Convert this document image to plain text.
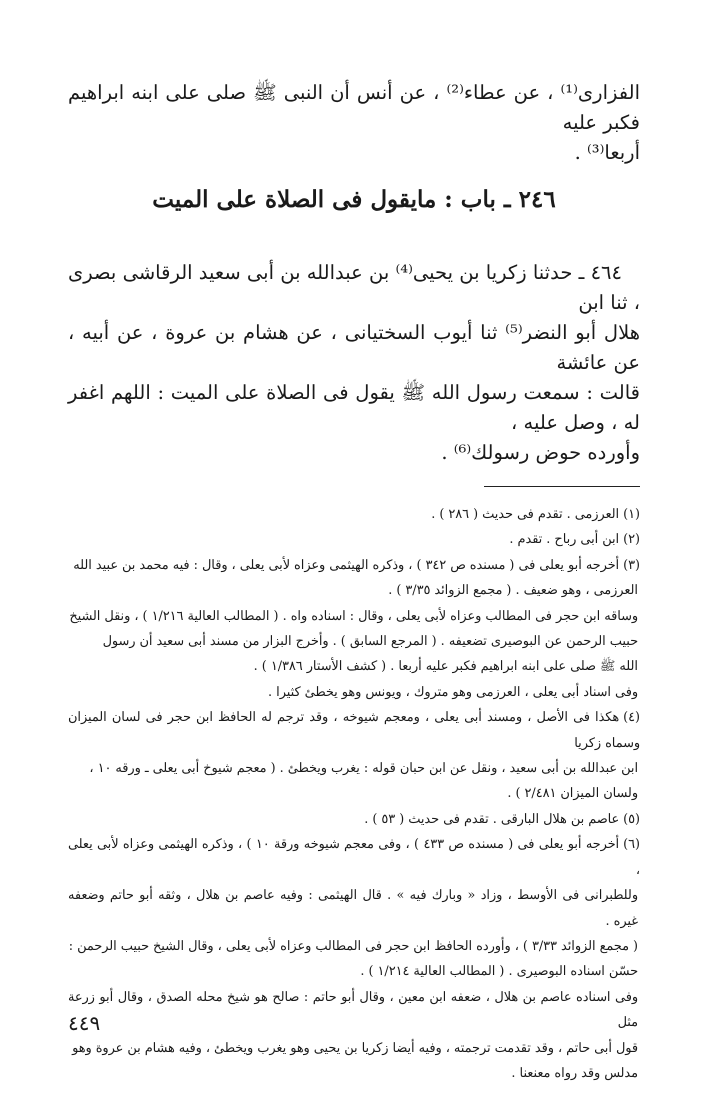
الفزارى⁽¹⁾ ، عن عطاء⁽²⁾ ، عن أنس أن النبى ﷺ صلى على ابنه ابراهيم فكبر عليه
أربعا⁽³⁾ .
٢٤٦ ـ باب : مايقول فى الصلاة على الميت
٤٦٤ ـ حدثنا زكريا بن يحيى⁽⁴⁾ بن عبدالله بن أبى سعيد الرقاشى بصرى ، ثنا ابن
هلال أبو النضر⁽⁵⁾ ثنا أيوب السختيانى ، عن هشام بن عروة ، عن أبيه ، عن عائشة
قالت : سمعت رسول الله ﷺ يقول فى الصلاة على الميت : اللهم اغفر له ، وصل عليه ،
وأورده حوض رسولك⁽⁶⁾ .
(١)العرزمى . تقدم فى حديث ( ٢٨٦ ) .
(٢)ابن أبى رباح . تقدم .
(٣)أخرجه أبو يعلى فى ( مسنده ص ٣٤٢ ) ، وذكره الهيثمى وعزاه لأبى يعلى ، وقال : فيه محمد بن عبيد الله
العرزمى ، وهو ضعيف . ( مجمع الزوائد ٣/٣٥ ) .
وساقه ابن حجر فى المطالب وعزاه لأبى يعلى ، وقال : اسناده واه . ( المطالب العالية ١/٢١٦ ) ، ونقل الشيخ
حبيب الرحمن عن البوصيرى تضعيفه . ( المرجع السابق ) . وأخرج البزار من مسند أبى سعيد أن رسول
الله ﷺ صلى على ابنه ابراهيم فكبر عليه أربعا . ( كشف الأستار ١/٣٨٦ ) .
وفى اسناد أبى يعلى ، العرزمى وهو متروك ، ويونس وهو يخطئ كثيرا .
(٤)هكذا فى الأصل ، ومسند أبى يعلى ، ومعجم شيوخه ، وقد ترجم له الحافظ ابن حجر فى لسان الميزان وسماه زكريا
ابن عبدالله بن أبى سعيد ، ونقل عن ابن حبان قوله : يغرب ويخطئ . ( معجم شيوخ أبى يعلى ـ ورقه ١٠ ،
ولسان الميزان ٢/٤٨١ ) .
(٥)عاصم بن هلال البارقى . تقدم فى حديث ( ٥٣ ) .
(٦)أخرجه أبو يعلى فى ( مسنده ص ٤٣٣ ) ، وفى معجم شيوخه ورقة ١٠ ) ، وذكره الهيثمى وعزاه لأبى يعلى ،
وللطبرانى فى الأوسط ، وزاد « وبارك فيه » . قال الهيثمى : وفيه عاصم بن هلال ، وثقه أبو حاتم وضعفه غيره .
( مجمع الزوائد ٣/٣٣ ) ، وأورده الحافظ ابن حجر فى المطالب وعزاه لأبى يعلى ، وقال الشيخ حبيب الرحمن :
حسّن اسناده البوصيرى . ( المطالب العالية ١/٢١٤ ) .
وفى اسناده عاصم بن هلال ، ضعفه ابن معين ، وقال أبو حاتم : صالح هو شيخ محله الصدق ، وقال أبو زرعة مثل
قول أبى حاتم ، وقد تقدمت ترجمته ، وفيه أيضا زكريا بن يحيى وهو يغرب ويخطئ ، وفيه هشام بن عروة وهو
مدلس وقد رواه معنعنا .
٤٤٩
